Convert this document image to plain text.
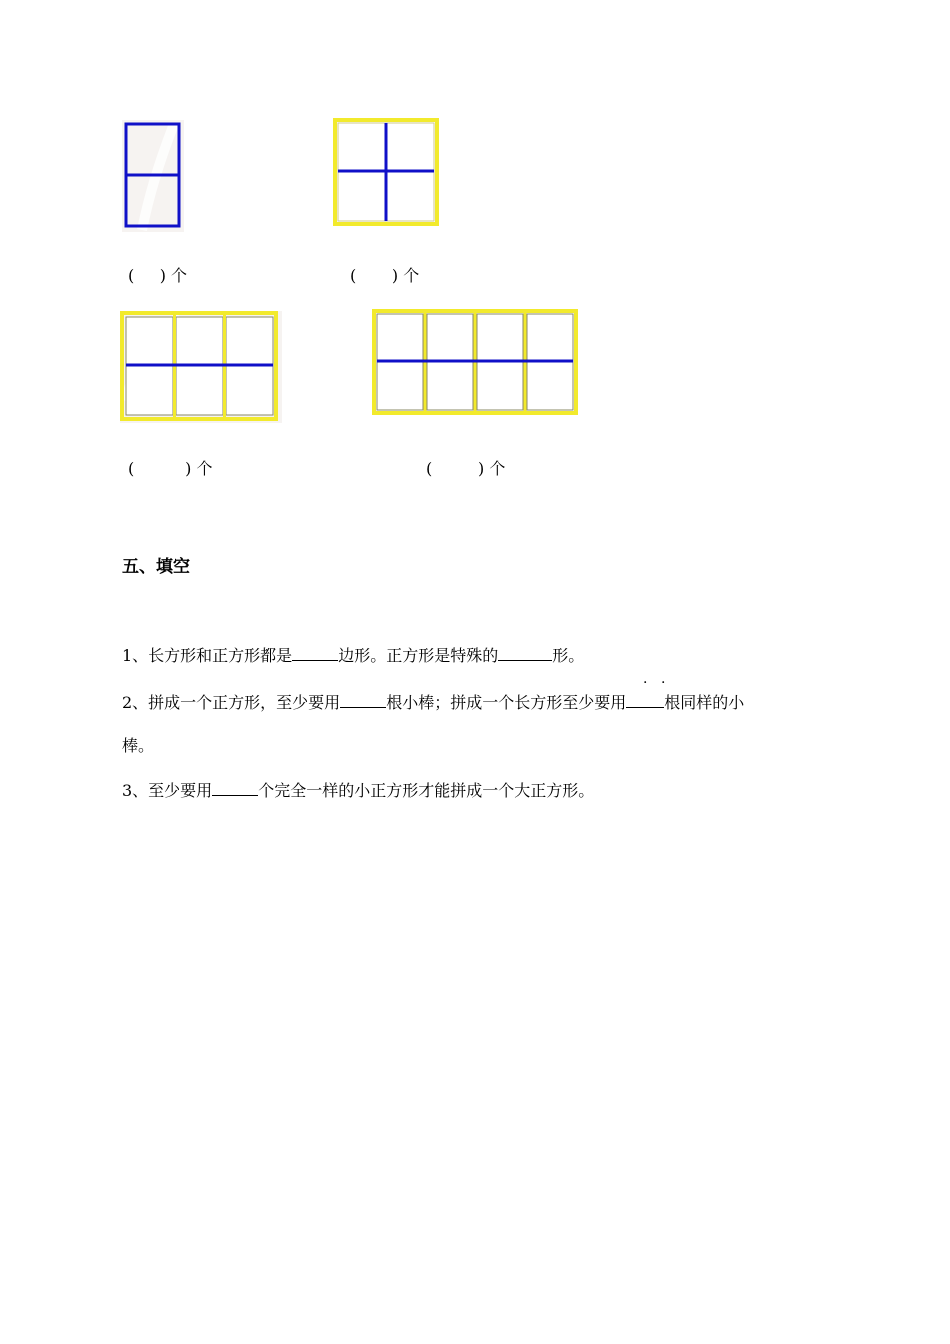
( ) 个	( ) 个
(	) 个	(	) 个
五、填空
1、长方形和正方形都是	边形。正方形是特殊的	形。
· ·
2、拼成一个正方形，至少要用	根小棒；拼成一个长方形至少要用 根同样的小
棒。
3、至少要用	个完全一样的小正方形才能拼成一个大正方形。
